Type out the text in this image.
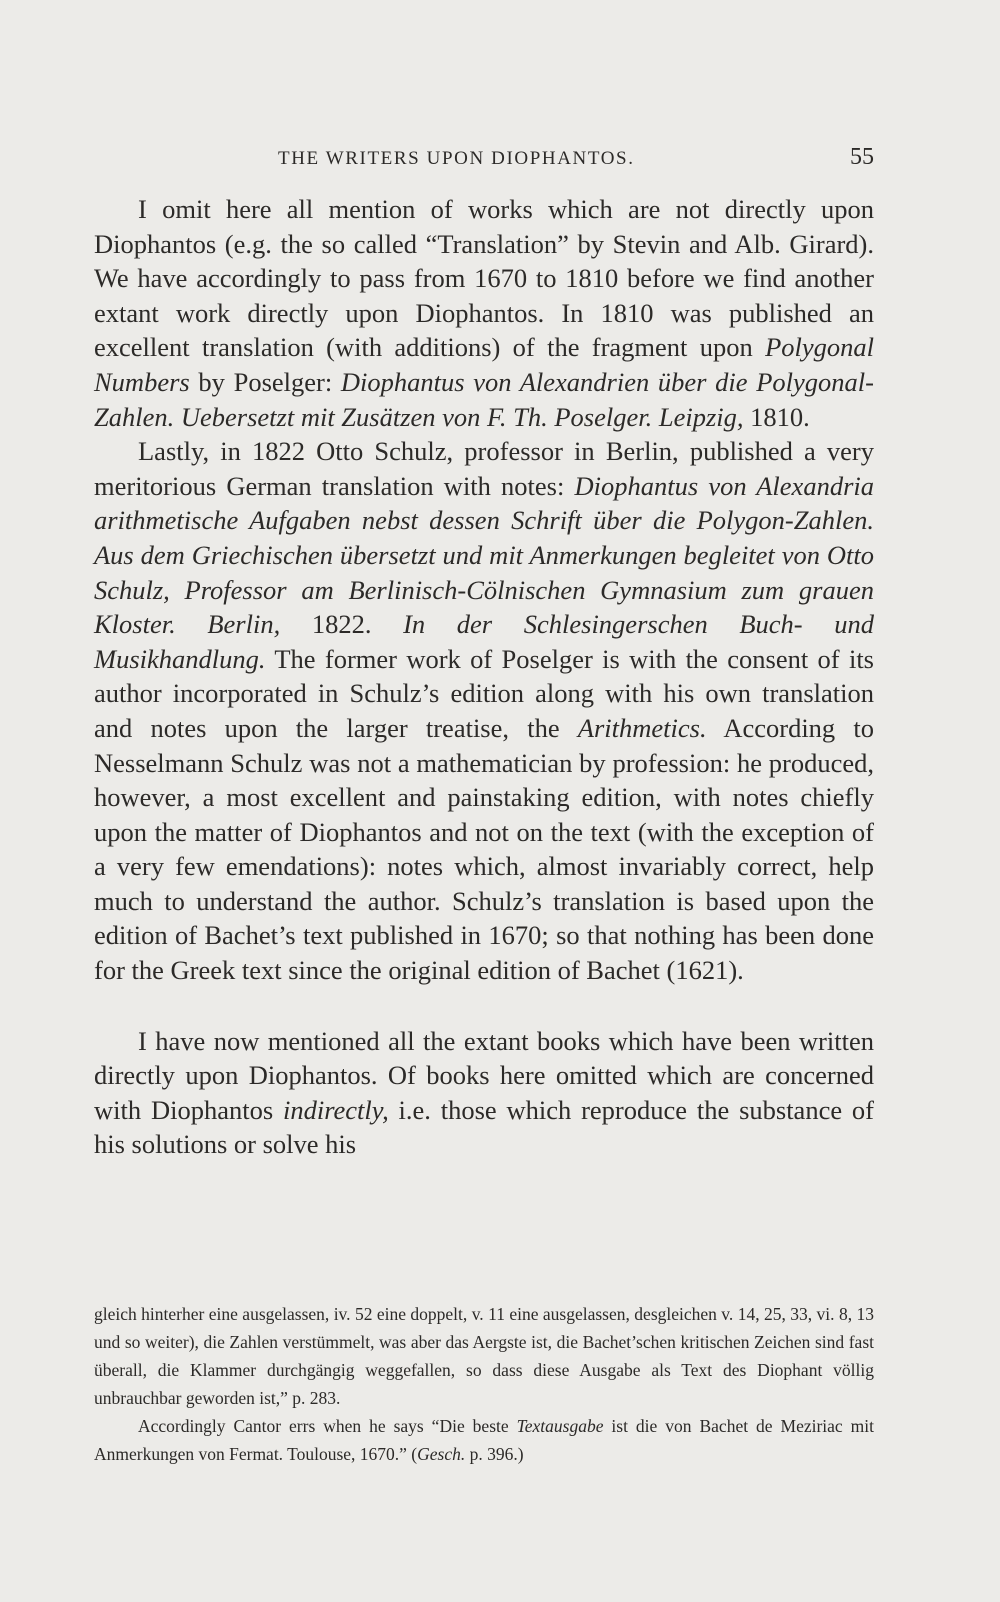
THE WRITERS UPON DIOPHANTOS.	55

I omit here all mention of works which are not directly upon Diophantos (e.g. the so called “Translation” by Stevin and Alb. Girard). We have accordingly to pass from 1670 to 1810 before we find another extant work directly upon Diophantos. In 1810 was published an excellent translation (with additions) of the fragment upon Polygonal Numbers by Poselger: Diophantus von Alexandrien über die Polygonal-Zahlen. Uebersetzt mit Zusätzen von F. Th. Poselger. Leipzig, 1810.

Lastly, in 1822 Otto Schulz, professor in Berlin, published a very meritorious German translation with notes: Diophantus von Alexandria arithmetische Aufgaben nebst dessen Schrift über die Polygon-Zahlen. Aus dem Griechischen übersetzt und mit Anmerkungen begleitet von Otto Schulz, Professor am Berlinisch-Cölnischen Gymnasium zum grauen Kloster. Berlin, 1822. In der Schlesingerschen Buch- und Musikhandlung. The former work of Poselger is with the consent of its author incorporated in Schulz’s edition along with his own translation and notes upon the larger treatise, the Arithmetics. According to Nesselmann Schulz was not a mathematician by profession: he produced, however, a most excellent and painstaking edition, with notes chiefly upon the matter of Diophantos and not on the text (with the exception of a very few emendations): notes which, almost invariably correct, help much to understand the author. Schulz’s translation is based upon the edition of Bachet’s text published in 1670; so that nothing has been done for the Greek text since the original edition of Bachet (1621).

I have now mentioned all the extant books which have been written directly upon Diophantos. Of books here omitted which are concerned with Diophantos indirectly, i.e. those which reproduce the substance of his solutions or solve his

gleich hinterher eine ausgelassen, iv. 52 eine doppelt, v. 11 eine ausgelassen, desgleichen v. 14, 25, 33, vi. 8, 13 und so weiter), die Zahlen verstümmelt, was aber das Aergste ist, die Bachet’schen kritischen Zeichen sind fast überall, die Klammer durchgängig weggefallen, so dass diese Ausgabe als Text des Diophant völlig unbrauchbar geworden ist,” p. 283.

Accordingly Cantor errs when he says “Die beste Textausgabe ist die von Bachet de Meziriac mit Anmerkungen von Fermat. Toulouse, 1670.” (Gesch. p. 396.)
